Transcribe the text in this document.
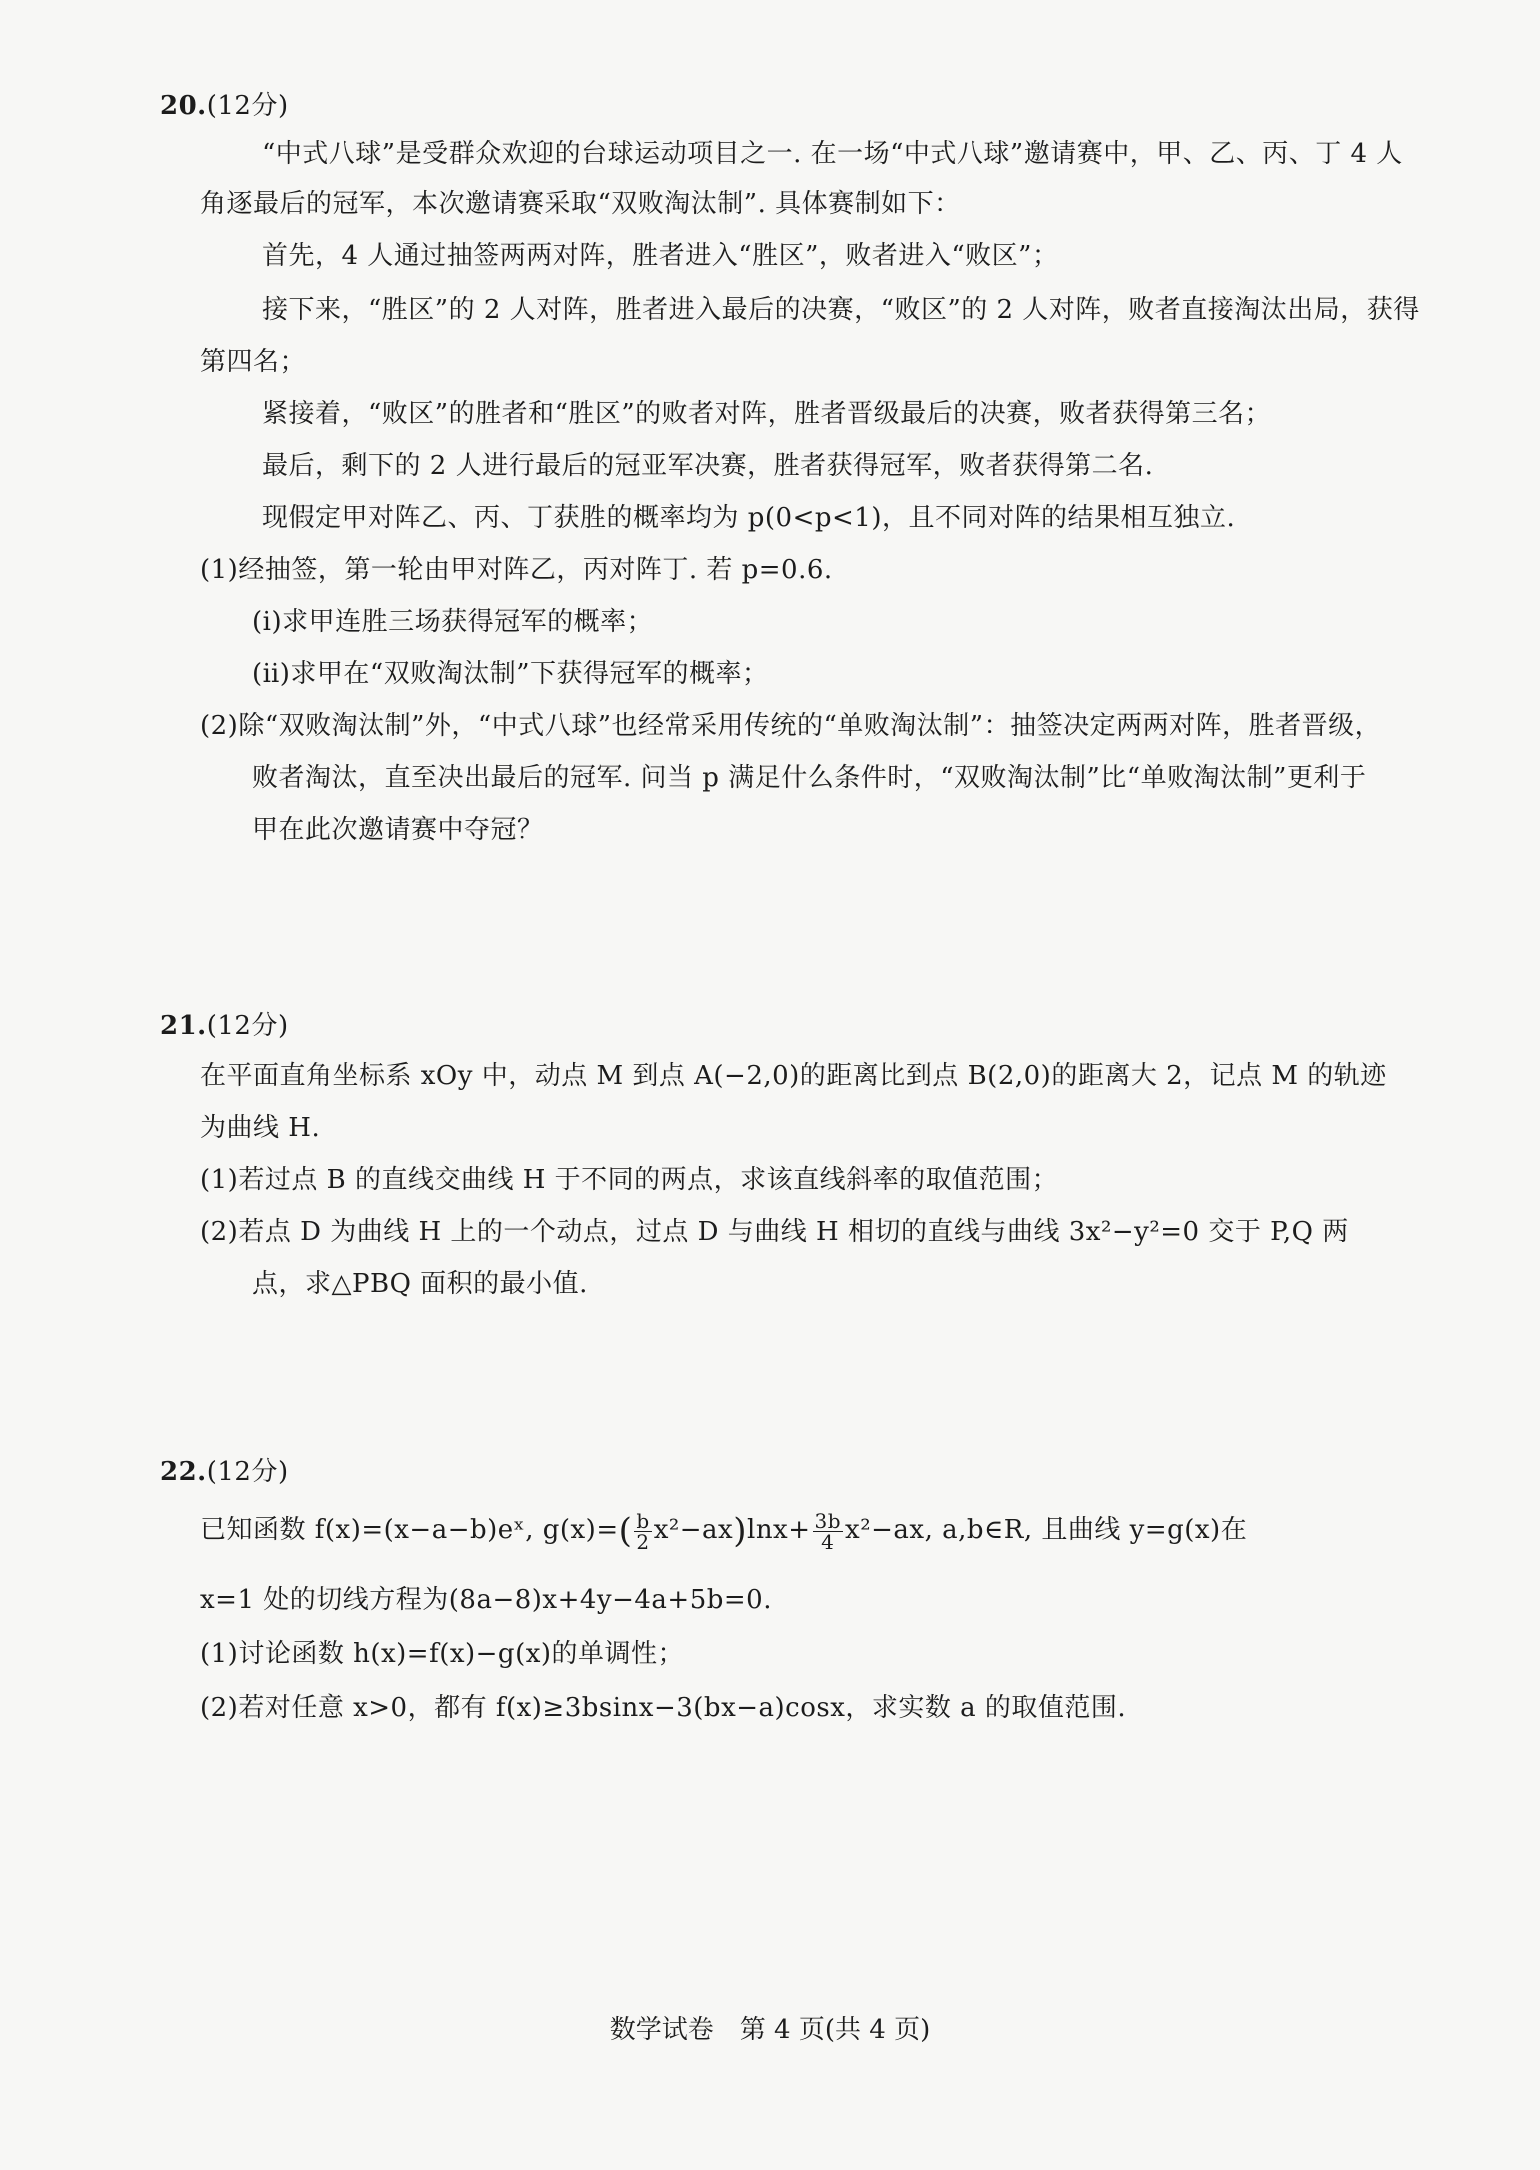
20.(12分)
“中式八球”是受群众欢迎的台球运动项目之一. 在一场“中式八球”邀请赛中，甲、乙、丙、丁 4 人
角逐最后的冠军，本次邀请赛采取“双败淘汰制”. 具体赛制如下：
首先，4 人通过抽签两两对阵，胜者进入“胜区”，败者进入“败区”；
接下来，“胜区”的 2 人对阵，胜者进入最后的决赛，“败区”的 2 人对阵，败者直接淘汰出局，获得
第四名；
紧接着，“败区”的胜者和“胜区”的败者对阵，胜者晋级最后的决赛，败者获得第三名；
最后，剩下的 2 人进行最后的冠亚军决赛，胜者获得冠军，败者获得第二名.
现假定甲对阵乙、丙、丁获胜的概率均为 p(0<p<1)，且不同对阵的结果相互独立.
(1)经抽签，第一轮由甲对阵乙，丙对阵丁. 若 p=0.6.
(ⅰ)求甲连胜三场获得冠军的概率；
(ⅱ)求甲在“双败淘汰制”下获得冠军的概率；
(2)除“双败淘汰制”外，“中式八球”也经常采用传统的“单败淘汰制”：抽签决定两两对阵，胜者晋级，
败者淘汰，直至决出最后的冠军. 问当 p 满足什么条件时，“双败淘汰制”比“单败淘汰制”更利于
甲在此次邀请赛中夺冠？
21.(12分)
在平面直角坐标系 xOy 中，动点 M 到点 A(−2,0)的距离比到点 B(2,0)的距离大 2，记点 M 的轨迹
为曲线 H.
(1)若过点 B 的直线交曲线 H 于不同的两点，求该直线斜率的取值范围；
(2)若点 D 为曲线 H 上的一个动点，过点 D 与曲线 H 相切的直线与曲线 3x²−y²=0 交于 P,Q 两
点，求△PBQ 面积的最小值.
22.(12分)
已知函数 f(x)=(x−a−b)eˣ, $g(x)=( \frac{b}{2} x^2-ax)\ln x+ \frac{3b}{4} x^2-ax$, a,b∈R, 且曲线 y=g(x)在
x=1 处的切线方程为(8a−8)x+4y−4a+5b=0.
(1)讨论函数 h(x)=f(x)−g(x)的单调性；
(2)若对任意 x>0，都有 f(x)≥3bsinx−3(bx−a)cosx，求实数 a 的取值范围.
数学试卷　第 4 页(共 4 页)
